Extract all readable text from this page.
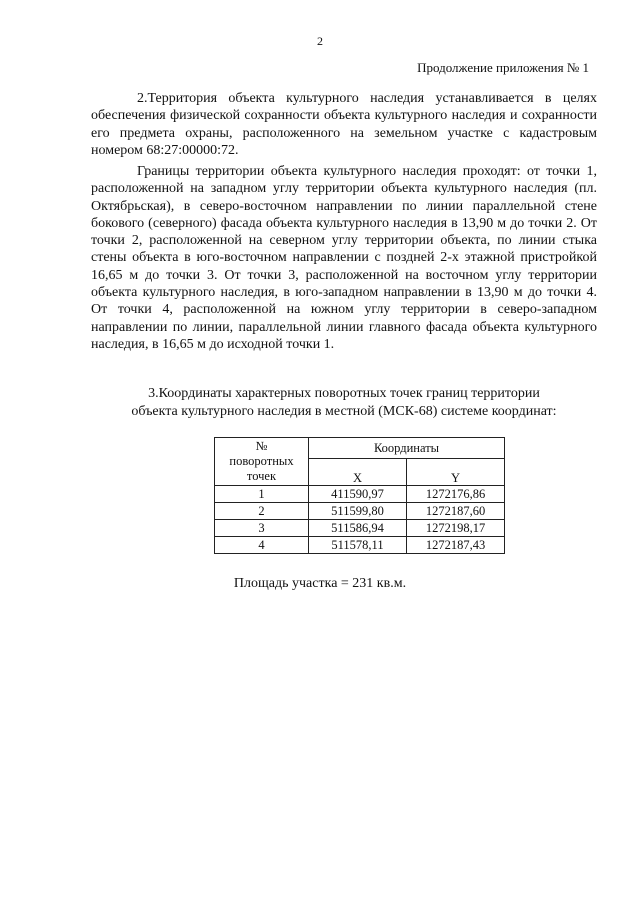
2
Продолжение приложения № 1

2.Территория объекта культурного наследия устанавливается в целях обеспечения физической сохранности объекта культурного наследия и сохранности его предмета охраны, расположенного на земельном участке с кадастровым номером 68:27:00000:72.

Границы территории объекта культурного наследия проходят: от точки 1, расположенной на западном углу территории объекта культурного наследия (пл. Октябрьская), в северо-восточном направлении по линии параллельной стене бокового (северного) фасада объекта культурного наследия в 13,90 м до точки 2. От точки 2, расположенной на северном углу территории объекта, по линии стыка стены объекта в юго-восточном направлении с поздней 2-х этажной пристройкой 16,65 м до точки 3. От точки 3, расположенной на восточном углу территории объекта культурного наследия, в юго-западном направлении в 13,90 м до точки 4. От точки 4, расположенной на южном углу территории в северо-западном направлении по линии, параллельной линии главного фасада объекта культурного наследия, в 16,65 м до исходной точки 1.

3.Координаты характерных поворотных точек границ территории
объекта культурного наследия в местной (МСК-68) системе координат:

№
поворотных
точек	Координаты	
	X	Y
1	411590,97	1272176,86
2	511599,80	1272187,60
3	511586,94	1272198,17
4	511578,11	1272187,43
Площадь участка = 231 кв.м.
